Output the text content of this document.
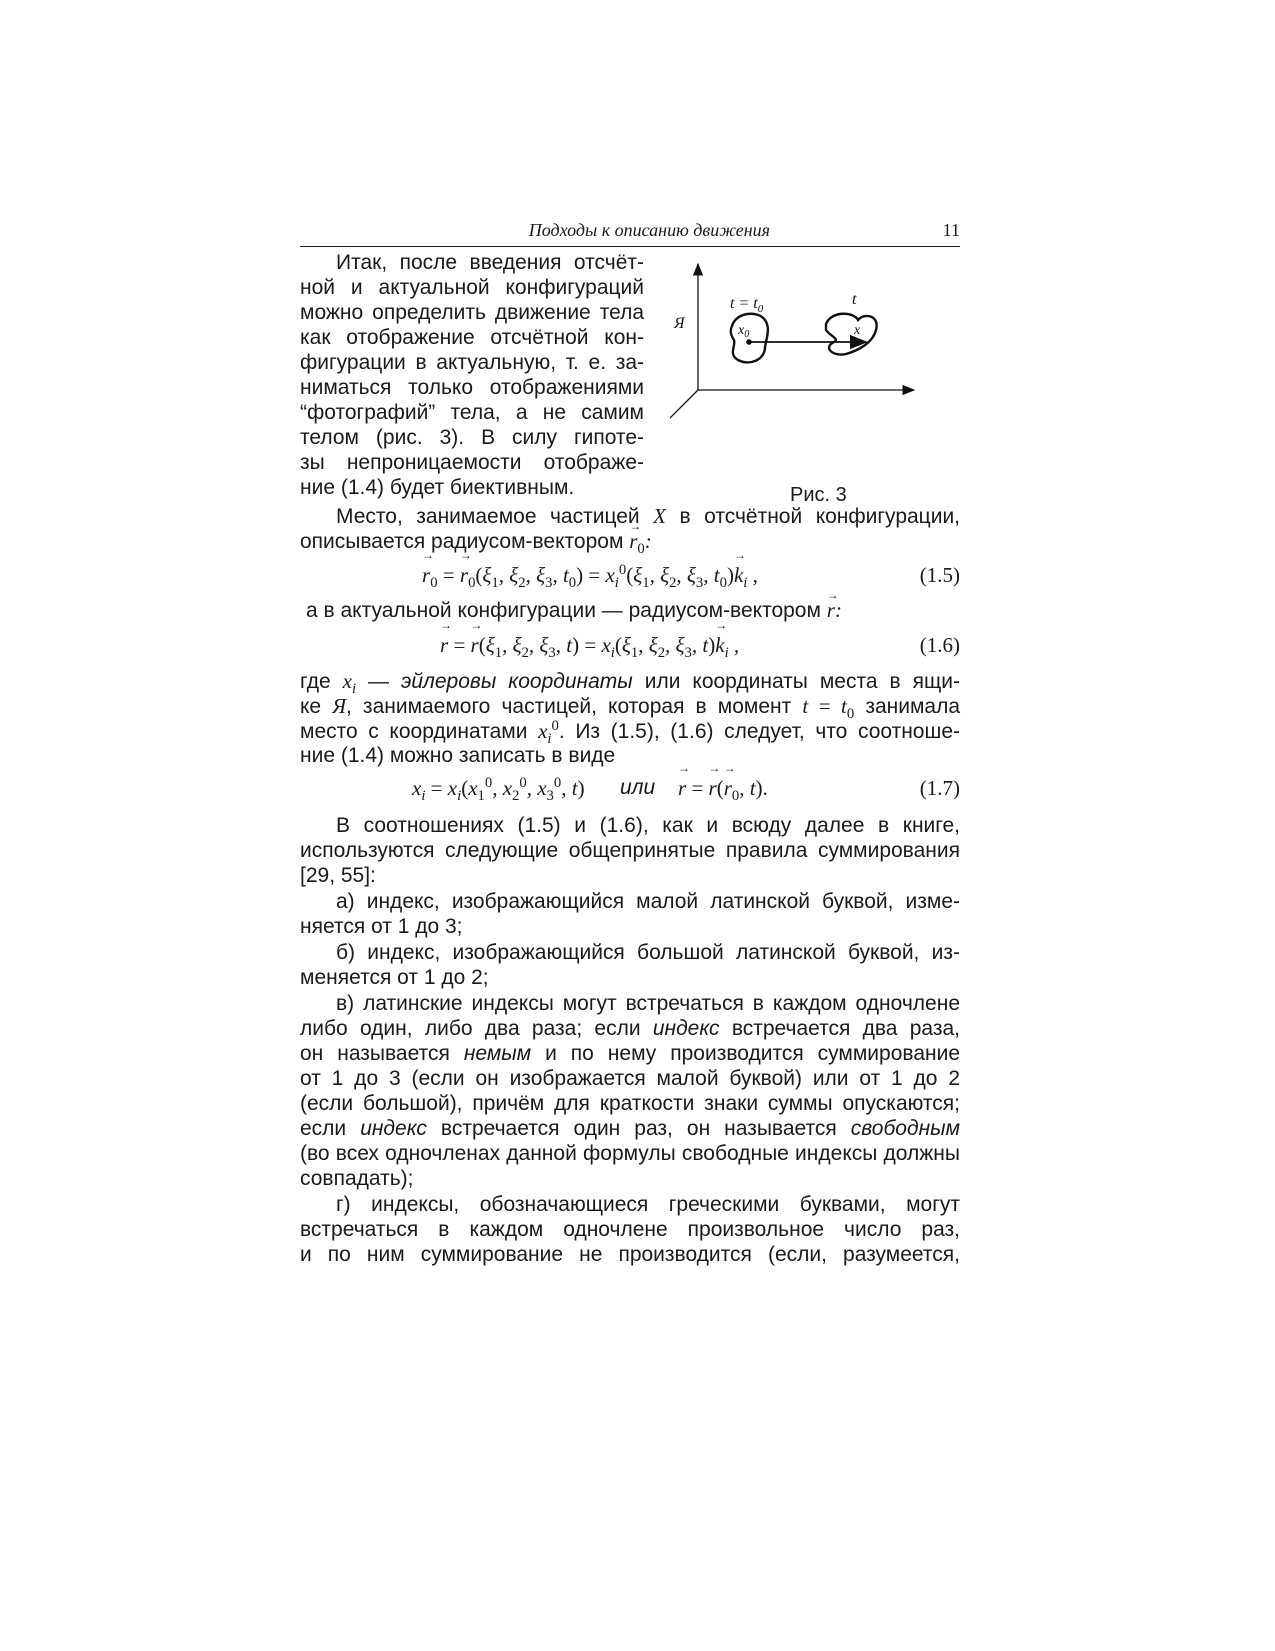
Подходы к описанию движения	11
Итак, после введения отсчёт-
ной и актуальной конфигураций
можно определить движение тела
как отображение отсчётной кон-
фигурации в актуальную, т. е. за-
ниматься только отображениями
“фотографий” тела, а не самим
телом (рис. 3). В силу гипоте-
зы непроницаемости отображе-
ние (1.4) будет биективным.
Я
$t = t_0$
t
$x_0$	x
Рис. 3
Место, занимаемое частицей X в отсчётной конфигурации,
описывается радиусом-вектором → $r_0$:
→ $r_0$ = → $r_0(\xi_1$, $\xi_2$, $\xi_3$, $t_0) = x_i^0(\xi_1$, $\xi_2$, $\xi_3$, $t_0)\to k_i$ ,	(1.5)
а в актуальной конфигурации — радиусом-вектором → r:
→ r = → $r(\xi_1$, $\xi_2$, $\xi_3$, $t) = x_i(\xi_1$, $\xi_2$, $\xi_3$, $t)\to k_i$ ,	(1.6)
где $x_i$ — эйлеровы координаты или координаты места в ящи-
ке Я, занимаемого частицей, которая в момент $t = t_0$ занимала
место с координатами $x_i^0$. Из (1.5), (1.6) следует, что соотноше-
ние (1.4) можно записать в виде
$x_i = x_i(x_1^0$, $x_2^0$, $x_3^0$, t) или → r = → $r(\to r_0$, t).	(1.7)
В соотношениях (1.5) и (1.6), как и всюду далее в книге,
используются следующие общепринятые правила суммирования
[29, 55]:
а) индекс, изображающийся малой латинской буквой, изме-
няется от 1 до 3;
б) индекс, изображающийся большой латинской буквой, из-
меняется от 1 до 2;
в) латинские индексы могут встречаться в каждом одночлене
либо один, либо два раза; если индекс встречается два раза,
он называется немым и по нему производится суммирование
от 1 до 3 (если он изображается малой буквой) или от 1 до 2
(если большой), причём для краткости знаки суммы опускаются;
если индекс встречается один раз, он называется свободным
(во всех одночленах данной формулы свободные индексы должны
совпадать);
г) индексы, обозначающиеся греческими буквами, могут
встречаться в каждом одночлене произвольное число раз,
и по ним суммирование не производится (если, разумеется,
